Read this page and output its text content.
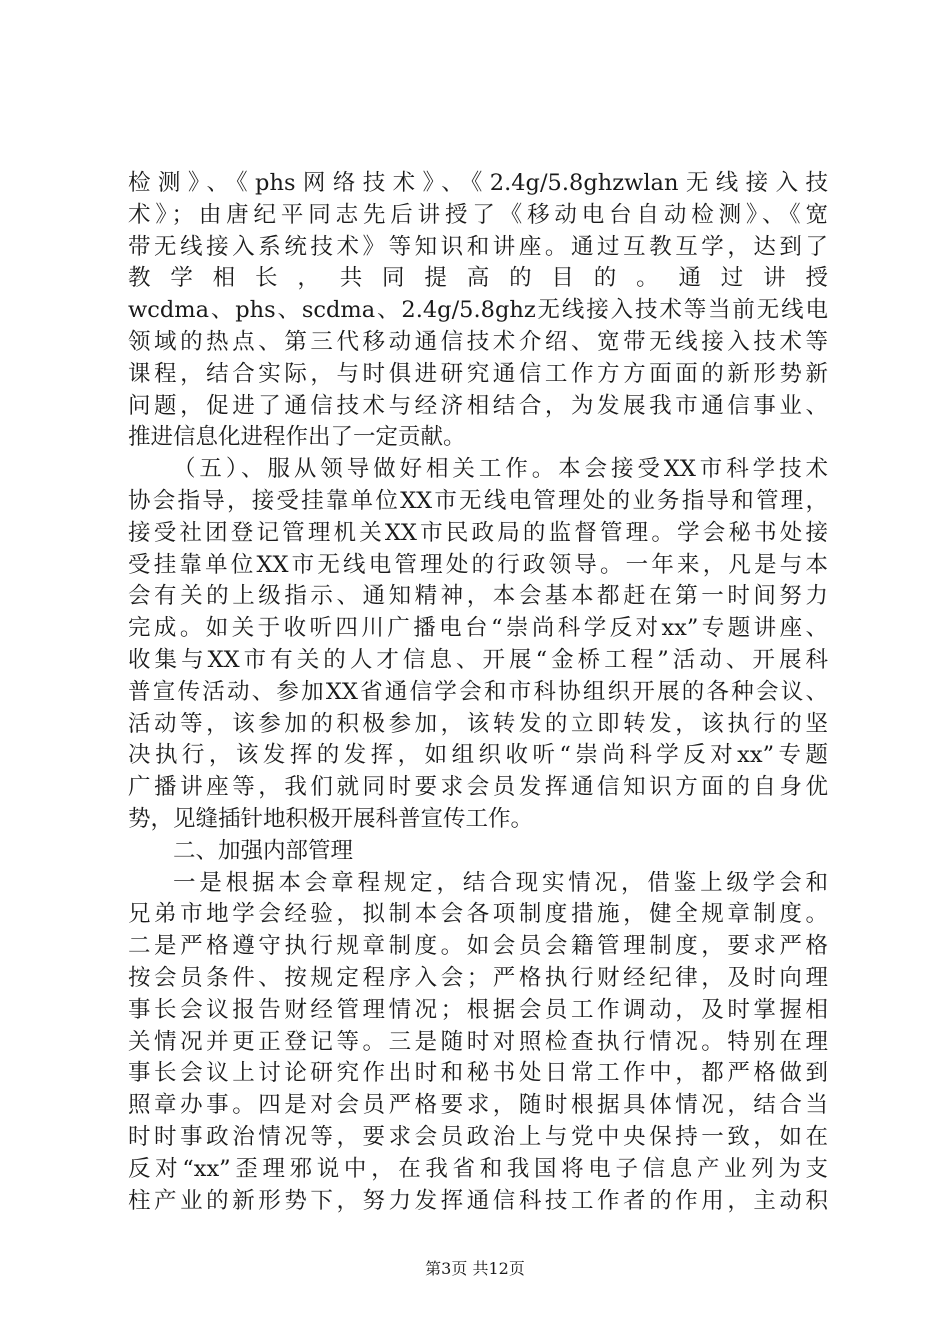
检测》、《phs网络技术》、《2.4g/5.8ghzwlan无线接入技
术》；由唐纪平同志先后讲授了《移动电台自动检测》、《宽
带无线接入系统技术》等知识和讲座。通过互教互学，达到了
教学相长，共同提高的目的。通过讲授
wcdma、phs、scdma、2.4g/5.8ghz无线接入技术等当前无线电
领域的热点、第三代移动通信技术介绍、宽带无线接入技术等
课程，结合实际，与时俱进研究通信工作方方面面的新形势新
问题，促进了通信技术与经济相结合，为发展我市通信事业、
推进信息化进程作出了一定贡献。
（五）、服从领导做好相关工作。本会接受XX市科学技术
协会指导，接受挂靠单位XX市无线电管理处的业务指导和管理，
接受社团登记管理机关XX市民政局的监督管理。学会秘书处接
受挂靠单位XX市无线电管理处的行政领导。一年来，凡是与本
会有关的上级指示、通知精神，本会基本都赶在第一时间努力
完成。如关于收听四川广播电台“崇尚科学反对xx”专题讲座、
收集与XX市有关的人才信息、开展“金桥工程”活动、开展科
普宣传活动、参加XX省通信学会和市科协组织开展的各种会议、
活动等，该参加的积极参加，该转发的立即转发，该执行的坚
决执行，该发挥的发挥，如组织收听“崇尚科学反对xx”专题
广播讲座等，我们就同时要求会员发挥通信知识方面的自身优
势，见缝插针地积极开展科普宣传工作。
二、加强内部管理
一是根据本会章程规定，结合现实情况，借鉴上级学会和
兄弟市地学会经验，拟制本会各项制度措施，健全规章制度。
二是严格遵守执行规章制度。如会员会籍管理制度，要求严格
按会员条件、按规定程序入会；严格执行财经纪律，及时向理
事长会议报告财经管理情况；根据会员工作调动，及时掌握相
关情况并更正登记等。三是随时对照检查执行情况。特别在理
事长会议上讨论研究作出时和秘书处日常工作中，都严格做到
照章办事。四是对会员严格要求，随时根据具体情况，结合当
时时事政治情况等，要求会员政治上与党中央保持一致，如在
反对“xx”歪理邪说中，在我省和我国将电子信息产业列为支
柱产业的新形势下，努力发挥通信科技工作者的作用，主动积
第3页 共12页
